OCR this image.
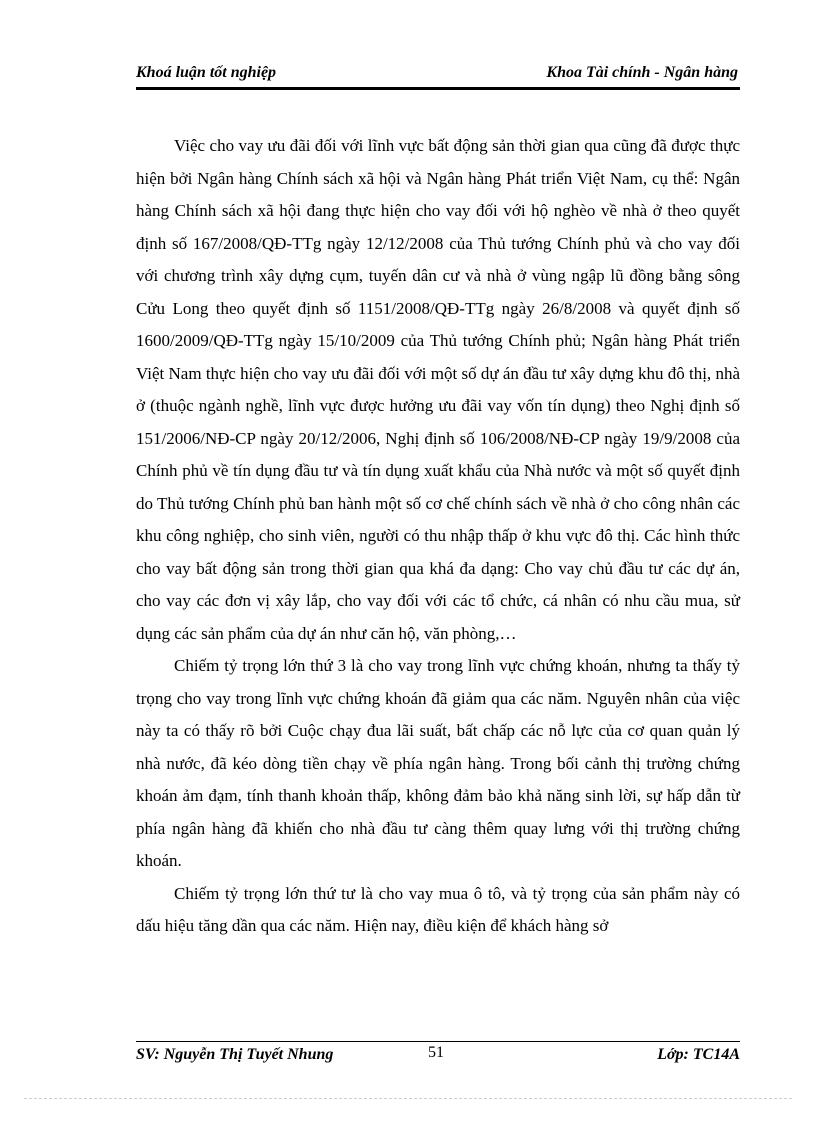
Khoá luận tốt nghiệp	Khoa Tài chính - Ngân hàng

Việc cho vay ưu đãi đối với lĩnh vực bất động sản thời gian qua cũng đã được thực hiện bởi Ngân hàng Chính sách xã hội và Ngân hàng Phát triển Việt Nam, cụ thể: Ngân hàng Chính sách xã hội đang thực hiện cho vay đối với hộ nghèo về nhà ở theo quyết định số 167/2008/QĐ-TTg ngày 12/12/2008 của Thủ tướng Chính phủ và cho vay đối với chương trình xây dựng cụm, tuyến dân cư và nhà ở vùng ngập lũ đồng bằng sông Cửu Long theo quyết định số 1151/2008/QĐ-TTg ngày 26/8/2008 và quyết định số 1600/2009/QĐ-TTg ngày 15/10/2009 của Thủ tướng Chính phủ; Ngân hàng Phát triển Việt Nam thực hiện cho vay ưu đãi đối với một số dự án đầu tư xây dựng khu đô thị, nhà ở (thuộc ngành nghề, lĩnh vực được hưởng ưu đãi vay vốn tín dụng) theo Nghị định số 151/2006/NĐ-CP ngày 20/12/2006, Nghị định số 106/2008/NĐ-CP ngày 19/9/2008 của Chính phủ về tín dụng đầu tư và tín dụng xuất khẩu của Nhà nước và một số quyết định do Thủ tướng Chính phủ ban hành một số cơ chế chính sách về nhà ở cho công nhân các khu công nghiệp, cho sinh viên, người có thu nhập thấp ở khu vực đô thị. Các hình thức cho vay bất động sản trong thời gian qua khá đa dạng: Cho vay chủ đầu tư các dự án, cho vay các đơn vị xây lắp, cho vay đối với các tổ chức, cá nhân có nhu cầu mua, sử dụng các sản phẩm của dự án như căn hộ, văn phòng,…

Chiếm tỷ trọng lớn thứ 3 là cho vay trong lĩnh vực chứng khoán, nhưng ta thấy tỷ trọng cho vay trong lĩnh vực chứng khoán đã giảm qua các năm. Nguyên nhân của việc này ta có thấy rõ bởi Cuộc chạy đua lãi suất, bất chấp các nỗ lực của cơ quan quản lý nhà nước, đã kéo dòng tiền chạy về phía ngân hàng. Trong bối cảnh thị trường chứng khoán ảm đạm, tính thanh khoản thấp, không đảm bảo khả năng sinh lời, sự hấp dẫn từ phía ngân hàng đã khiến cho nhà đầu tư càng thêm quay lưng với thị trường chứng khoán.

Chiếm tỷ trọng lớn thứ tư là cho vay mua ô tô, và tỷ trọng của sản phẩm này có dấu hiệu tăng dần qua các năm. Hiện nay, điều kiện để khách hàng sở

SV: Nguyễn Thị Tuyết Nhung	51	Lớp: TC14A
